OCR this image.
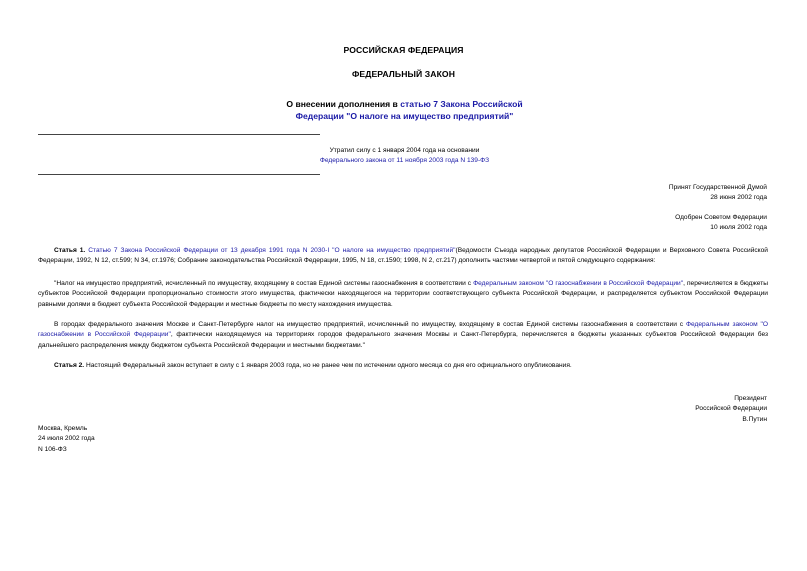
РОССИЙСКАЯ ФЕДЕРАЦИЯ
ФЕДЕРАЛЬНЫЙ ЗАКОН
О внесении дополнения в статью 7 Закона Российской Федерации "О налоге на имущество предприятий"
Утратил силу с 1 января 2004 года на основании
Федерального закона от 11 ноября 2003 года N 139-ФЗ
Принят Государственной Думой
28 июня 2002 года
Одобрен Советом Федерации
10 июля 2002 года
Статья 1. Статью 7 Закона Российской Федерации от 13 декабря 1991 года N 2030-I "О налоге на имущество предприятий"(Ведомости Съезда народных депутатов Российской Федерации и Верховного Совета Российской Федерации, 1992, N 12, ст.599; N 34, ст.1976; Собрание законодательства Российской Федерации, 1995, N 18, ст.1590; 1998, N 2, ст.217) дополнить частями четвертой и пятой следующего содержания:
"Налог на имущество предприятий, исчисленный по имуществу, входящему в состав Единой системы газоснабжения в соответствии с Федеральным законом "О газоснабжении в Российской Федерации", перечисляется в бюджеты субъектов Российской Федерации пропорционально стоимости этого имущества, фактически находящегося на территории соответствующего субъекта Российской Федерации, и распределяется субъектом Российской Федерации равными долями в бюджет субъекта Российской Федерации и местные бюджеты по месту нахождения имущества.
В городах федерального значения Москве и Санкт-Петербурге налог на имущество предприятий, исчисленный по имуществу, входящему в состав Единой системы газоснабжения в соответствии с Федеральным законом "О газоснабжении в Российской Федерации", фактически находящемуся на территориях городов федерального значения Москвы и Санкт-Петербурга, перечисляется в бюджеты указанных субъектов Российской Федерации без дальнейшего распределения между бюджетом субъекта Российской Федерации и местными бюджетами."
Статья 2. Настоящий Федеральный закон вступает в силу с 1 января 2003 года, но не ранее чем по истечении одного месяца со дня его официального опубликования.
Президент
Российской Федерации
В.Путин
Москва, Кремль
24 июля 2002 года
N 106-ФЗ
